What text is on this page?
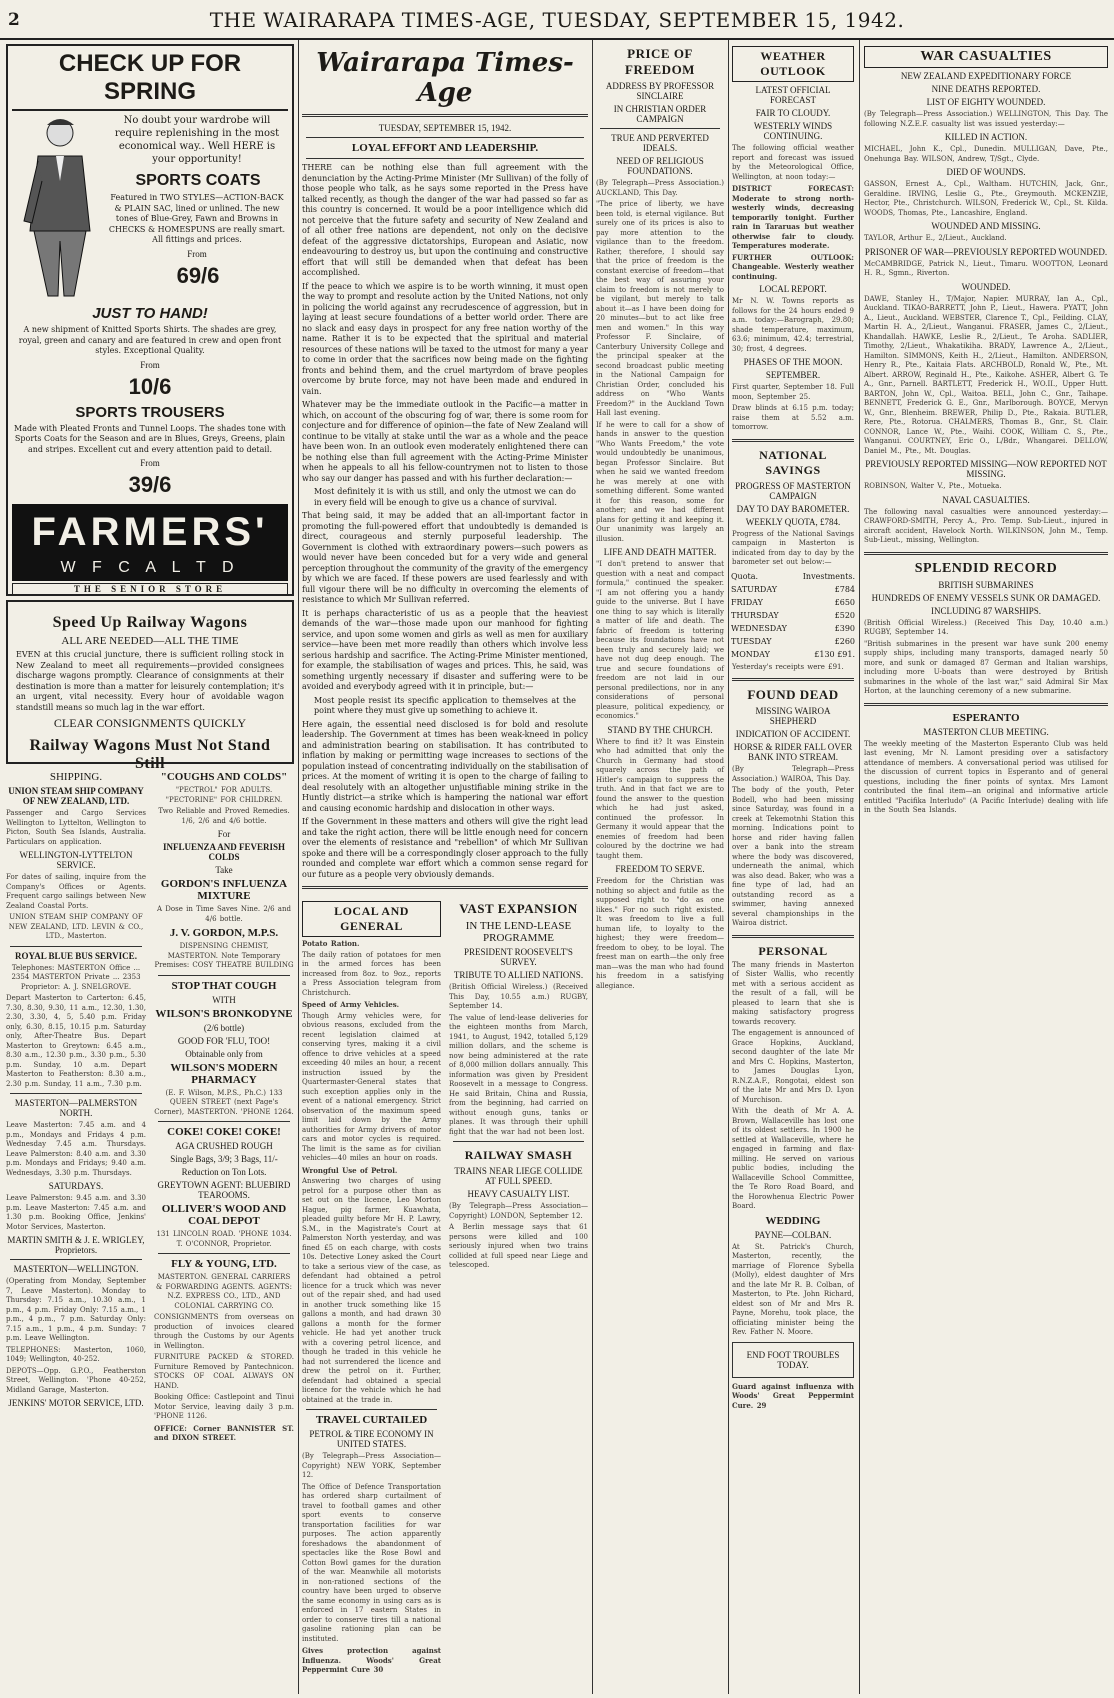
2	THE WAIRARAPA TIMES-AGE, TUESDAY, SEPTEMBER 15, 1942.
CHECK UP FOR SPRING
No doubt your wardrobe will require replenishing in the most economical way.. Well HERE is your opportunity!
SPORTS COATS
Featured in TWO STYLES—ACTION-BACK & PLAIN SAC, lined or unlined. The new tones of Blue-Grey, Fawn and Browns in CHECKS & HOMESPUNS are really smart. All fittings and prices.
From
69/6
JUST TO HAND!
A new shipment of Knitted Sports Shirts. The shades are grey, royal, green and canary and are featured in crew and open front styles. Exceptional Quality.
From
10/6
SPORTS TROUSERS
Made with Pleated Fronts and Tunnel Loops. The shades tone with Sports Coats for the Season and are in Blues, Greys, Greens, plain and stripes. Excellent cut and every attention paid to detail.
From
39/6
FARMERS'
W F C A L T D
THE SENIOR STORE
Speed Up Railway Wagons
ALL ARE NEEDED—ALL THE TIME
EVEN at this crucial juncture, there is sufficient rolling stock in New Zealand to meet all requirements—provided consignees discharge wagons promptly. Clearance of consignments at their destination is more than a matter for leisurely contemplation; it's an urgent, vital necessity. Every hour of avoidable wagon standstill means so much lag in the war effort.
CLEAR CONSIGNMENTS QUICKLY
Railway Wagons Must Not Stand Still
SHIPPING.
UNION STEAM SHIP COMPANY OF NEW ZEALAND, LTD.
Passenger and Cargo Services Wellington to Lyttelton, Wellington to Picton, South Sea Islands, Australia. Particulars on application.
WELLINGTON-LYTTELTON SERVICE.
For dates of sailing, inquire from the Company's Offices or Agents. Frequent cargo sailings between New Zealand Coastal Ports.
UNION STEAM SHIP COMPANY OF NEW ZEALAND, LTD. LEVIN & CO., LTD., Masterton.
ROYAL BLUE BUS SERVICE.
Telephones: MASTERTON Office ... 2354 MASTERTON Private ... 2353 Proprietor: A. J. SNELGROVE.
Depart Masterton to Carterton: 6.45, 7.30, 8.30, 9.30, 11 a.m., 12.30, 1.30, 2.30, 3.30, 4, 5, 5.40 p.m. Friday only, 6.30, 8.15, 10.15 p.m. Saturday only, After-Theatre Bus. Depart Masterton to Greytown: 6.45 a.m., 8.30 a.m., 12.30 p.m., 3.30 p.m., 5.30 p.m. Sunday, 10 a.m. Depart Masterton to Featherston: 8.30 a.m., 2.30 p.m. Sunday, 11 a.m., 7.30 p.m.
MASTERTON—PALMERSTON NORTH.
Leave Masterton: 7.45 a.m. and 4 p.m., Mondays and Fridays 4 p.m. Wednesday 7.45 a.m. Thursdays. Leave Palmerston: 8.40 a.m. and 3.30 p.m. Mondays and Fridays; 9.40 a.m. Wednesdays, 3.30 p.m. Thursdays.
SATURDAYS.
Leave Palmerston: 9.45 a.m. and 3.30 p.m. Leave Masterton: 7.45 a.m. and 1.30 p.m. Booking Office, Jenkins' Motor Services, Masterton.
MARTIN SMITH & J. E. WRIGLEY, Proprietors.
MASTERTON—WELLINGTON.
(Operating from Monday, September 7, Leave Masterton). Monday to Thursday: 7.15 a.m., 10.30 a.m., 1 p.m., 4 p.m. Friday Only: 7.15 a.m., 1 p.m., 4 p.m., 7 p.m. Saturday Only: 7.15 a.m., 1 p.m., 4 p.m. Sunday: 7 p.m. Leave Wellington.
TELEPHONES: Masterton, 1060, 1049; Wellington, 40-252.
DEPOTS—Opp. G.P.O., Featherston Street, Wellington. 'Phone 40-252, Midland Garage, Masterton.
JENKINS' MOTOR SERVICE, LTD.
"COUGHS AND COLDS"
"PECTROL" FOR ADULTS. "PECTORINE" FOR CHILDREN.
Two Reliable and Proved Remedies. 1/6, 2/6 and 4/6 bottle.
For
INFLUENZA AND FEVERISH COLDS
Take
GORDON'S INFLUENZA MIXTURE
A Dose in Time Saves Nine. 2/6 and 4/6 bottle.
J. V. GORDON, M.P.S.
DISPENSING CHEMIST, MASTERTON. Note Temporary Premises: COSY THEATRE BUILDING
STOP THAT COUGH
WITH
WILSON'S BRONKODYNE
(2/6 bottle)
GOOD FOR 'FLU, TOO!
Obtainable only from
WILSON'S MODERN PHARMACY
(E. F. Wilson, M.P.S., Ph.C.) 133 QUEEN STREET (next Page's Corner), MASTERTON. 'PHONE 1264.
COKE! COKE! COKE!
AGA CRUSHED ROUGH
Single Bags, 3/9; 3 Bags, 11/-
Reduction on Ton Lots.
GREYTOWN AGENT: BLUEBIRD TEAROOMS.
OLLIVER'S WOOD AND COAL DEPOT
131 LINCOLN ROAD. 'PHONE 1034. T. O'CONNOR, Proprietor.
FLY & YOUNG, LTD.
MASTERTON. GENERAL CARRIERS & FORWARDING AGENTS. AGENTS: N.Z. EXPRESS CO., LTD., AND COLONIAL CARRYING CO.
CONSIGNMENTS from overseas on production of invoices cleared through the Customs by our Agents in Wellington.
FURNITURE PACKED & STORED. Furniture Removed by Pantechnicon. STOCKS OF COAL ALWAYS ON HAND.
Booking Office: Castlepoint and Tinui Motor Service, leaving daily 3 p.m. 'PHONE 1126.
OFFICE: Corner BANNISTER ST. and DIXON STREET.
Wairarapa Times-Age
TUESDAY, SEPTEMBER 15, 1942.
LOYAL EFFORT AND LEADERSHIP.
THERE can be nothing else than full agreement with the denunciation by the Acting-Prime Minister (Mr Sullivan) of the folly of those people who talk, as he says some reported in the Press have talked recently, as though the danger of the war had passed so far as this country is concerned. It would be a poor intelligence which did not perceive that the future safety and security of New Zealand and of all other free nations are dependent, not only on the decisive defeat of the aggressive dictatorships, European and Asiatic, now endeavouring to destroy us, but upon the continuing and constructive effort that will still be demanded when that defeat has been accomplished.
If the peace to which we aspire is to be worth winning, it must open the way to prompt and resolute action by the United Nations, not only in policing the world against any recrudescence of aggression, but in laying at least secure foundations of a better world order. There are no slack and easy days in prospect for any free nation worthy of the name. Rather it is to be expected that the spiritual and material resources of these nations will be taxed to the utmost for many a year to come in order that the sacrifices now being made on the fighting fronts and behind them, and the cruel martyrdom of brave peoples overcome by brute force, may not have been made and endured in vain.
Whatever may be the immediate outlook in the Pacific—a matter in which, on account of the obscuring fog of war, there is some room for conjecture and for difference of opinion—the fate of New Zealand will continue to be vitally at stake until the war as a whole and the peace have been won. In an outlook even moderately enlightened there can be nothing else than full agreement with the Acting-Prime Minister when he appeals to all his fellow-countrymen not to listen to those who say our danger has passed and with his further declaration:—
Most definitely it is with us still, and only the utmost we can do in every field will be enough to give us a chance of survival.
That being said, it may be added that an all-important factor in promoting the full-powered effort that undoubtedly is demanded is direct, courageous and sternly purposeful leadership. The Government is clothed with extraordinary powers—such powers as would never have been conceded but for a very wide and general perception throughout the community of the gravity of the emergency by which we are faced. If these powers are used fearlessly and with full vigour there will be no difficulty in overcoming the elements of resistance to which Mr Sullivan referred.
It is perhaps characteristic of us as a people that the heaviest demands of the war—those made upon our manhood for fighting service, and upon some women and girls as well as men for auxiliary service—have been met more readily than others which involve less serious hardship and sacrifice. The Acting-Prime Minister mentioned, for example, the stabilisation of wages and prices. This, he said, was something urgently necessary if disaster and suffering were to be avoided and everybody agreed with it in principle, but:—
Most people resist its specific application to themselves at the point where they must give up something to achieve it.
Here again, the essential need disclosed is for bold and resolute leadership. The Government at times has been weak-kneed in policy and administration bearing on stabilisation. It has contributed to inflation by making or permitting wage increases to sections of the population instead of concentrating individually on the stabilisation of prices. At the moment of writing it is open to the charge of failing to deal resolutely with an altogether unjustifiable mining strike in the Huntly district—a strike which is hampering the national war effort and causing economic hardship and dislocation in other ways.
If the Government in these matters and others will give the right lead and take the right action, there will be little enough need for concern over the elements of resistance and "rebellion" of which Mr Sullivan spoke and there will be a correspondingly closer approach to the fully rounded and complete war effort which a common sense regard for our future as a people very obviously demands.
LOCAL AND GENERAL
Potato Ration.
The daily ration of potatoes for men in the armed forces has been increased from 8oz. to 9oz., reports a Press Association telegram from Christchurch.
Speed of Army Vehicles.
Though Army vehicles were, for obvious reasons, excluded from the recent legislation claimed at conserving tyres, making it a civil offence to drive vehicles at a speed exceeding 40 miles an hour, a recent instruction issued by the Quartermaster-General states that such exception applies only in the event of a national emergency. Strict observation of the maximum speed limit laid down by the Army authorities for Army drivers of motor cars and motor cycles is required. The limit is the same as for civilian vehicles—40 miles an hour on roads.
Wrongful Use of Petrol.
Answering two charges of using petrol for a purpose other than as set out on the licence, Leo Morton Hague, pig farmer, Kuawhata, pleaded guilty before Mr H. P. Lawry, S.M., in the Magistrate's Court at Palmerston North yesterday, and was fined £5 on each charge, with costs 10s. Detective Loney asked the Court to take a serious view of the case, as defendant had obtained a petrol licence for a truck which was never out of the repair shed, and had used in another truck something like 15 gallons a month, and had drawn 30 gallons a month for the former vehicle. He had yet another truck with a covering petrol licence, and though he traded in this vehicle he had not surrendered the licence and drew the petrol on it. Further, defendant had obtained a special licence for the vehicle which he had obtained at the trade in.
TRAVEL CURTAILED
PETROL & TIRE ECONOMY IN UNITED STATES.
(By Telegraph—Press Association—Copyright) NEW YORK, September 12.
The Office of Defence Transportation has ordered sharp curtailment of travel to football games and other sport events to conserve transportation facilities for war purposes. The action apparently foreshadows the abandonment of spectacles like the Rose Bowl and Cotton Bowl games for the duration of the war. Meanwhile all motorists in non-rationed sections of the country have been urged to observe the same economy in using cars as is enforced in 17 eastern States in order to conserve tires till a national gasoline rationing plan can be instituted.
Gives protection against Influenza. Woods' Great Peppermint Cure 30
VAST EXPANSION
IN THE LEND-LEASE PROGRAMME
PRESIDENT ROOSEVELT'S SURVEY.
TRIBUTE TO ALLIED NATIONS.
(British Official Wireless.) (Received This Day, 10.55 a.m.) RUGBY, September 14.
The value of lend-lease deliveries for the eighteen months from March, 1941, to August, 1942, totalled 5,129 million dollars, and the scheme is now being administered at the rate of 8,000 million dollars annually. This information was given by President Roosevelt in a message to Congress. He said Britain, China and Russia, from the beginning, had carried on without enough guns, tanks or planes. It was through their uphill fight that the war had not been lost.
RAILWAY SMASH
TRAINS NEAR LIEGE COLLIDE AT FULL SPEED.
HEAVY CASUALTY LIST.
(By Telegraph—Press Association—Copyright) LONDON, September 12.
A Berlin message says that 61 persons were killed and 100 seriously injured when two trains collided at full speed near Liege and telescoped.
PRICE OF FREEDOM
ADDRESS BY PROFESSOR SINCLAIRE
IN CHRISTIAN ORDER CAMPAIGN
TRUE AND PERVERTED IDEALS.
NEED OF RELIGIOUS FOUNDATIONS.
(By Telegraph—Press Association.) AUCKLAND, This Day.
"The price of liberty, we have been told, is eternal vigilance. But surely one of its prices is also to pay more attention to the vigilance than to the freedom. Rather, therefore, I should say that the price of freedom is the constant exercise of freedom—that the best way of assuring your claim to freedom is not merely to be vigilant, but merely to talk about it—as I have been doing for 20 minutes—but to act like free men and women." In this way Professor F. Sinclaire, of Canterbury University College and the principal speaker at the second broadcast public meeting in the National Campaign for Christian Order, concluded his address on "Who Wants Freedom?" in the Auckland Town Hall last evening.
If he were to call for a show of hands in answer to the question "Who Wants Freedom," the vote would undoubtedly be unanimous, began Professor Sinclaire. But when he said we wanted freedom he was merely at one with something different. Some wanted it for this reason, some for another; and we had different plans for getting it and keeping it. Our unanimity was largely an illusion.
LIFE AND DEATH MATTER.
"I don't pretend to answer that question with a neat and compact formula," continued the speaker. "I am not offering you a handy guide to the universe. But I have one thing to say which is literally a matter of life and death. The fabric of freedom is tottering because its foundations have not been truly and securely laid; we have not dug deep enough. The true and secure foundations of freedom are not laid in our personal predilections, nor in any considerations of personal pleasure, political expediency, or economics."
STAND BY THE CHURCH.
Where to find it? It was Einstein who had admitted that only the Church in Germany had stood squarely across the path of Hitler's campaign to suppress the truth. And in that fact we are to found the answer to the question which he had just asked, continued the professor. In Germany it would appear that the enemies of freedom had been coloured by the doctrine we had taught them.
FREEDOM TO SERVE.
Freedom for the Christian was nothing so abject and futile as the supposed right to "do as one likes." For no such right existed. It was freedom to live a full human life, to loyalty to the highest; they were freedom—freedom to obey, to be loyal. The freest man on earth—the only free man—was the man who had found his freedom in a satisfying allegiance.
WEATHER OUTLOOK
LATEST OFFICIAL FORECAST
FAIR TO CLOUDY.
WESTERLY WINDS CONTINUING.
The following official weather report and forecast was issued by the Meteorological Office, Wellington, at noon today:—
DISTRICT FORECAST: Moderate to strong north-westerly winds, decreasing temporarily tonight. Further rain in Tararuas but weather otherwise fair to cloudy. Temperatures moderate.
FURTHER OUTLOOK: Changeable. Westerly weather continuing.
LOCAL REPORT.
Mr N. W. Towns reports as follows for the 24 hours ended 9 a.m. today:—Barograph, 29.80; shade temperature, maximum, 63.6; minimum, 42.4; terrestrial, 30; frost, 4 degrees.
PHASES OF THE MOON.
SEPTEMBER.
First quarter, September 18. Full moon, September 25.
Draw blinds at 6.15 p.m. today; raise them at 5.52 a.m. tomorrow.
NATIONAL SAVINGS
PROGRESS OF MASTERTON CAMPAIGN
DAY TO DAY BAROMETER.
WEEKLY QUOTA, £784.
Progress of the National Savings campaign in Masterton is indicated from day to day by the barometer set out below:—
Quota.	Investments.
SATURDAY	£784
FRIDAY	£650
THURSDAY	£520
WEDNESDAY	£390
TUESDAY	£260
MONDAY	£130 £91.
Yesterday's receipts were £91.
FOUND DEAD
MISSING WAIROA SHEPHERD
INDICATION OF ACCIDENT.
HORSE & RIDER FALL OVER BANK INTO STREAM.
(By Telegraph—Press Association.) WAIROA, This Day.
The body of the youth, Peter Bodell, who had been missing since Saturday, was found in a creek at Tekemotnhi Station this morning. Indications point to horse and rider having fallen over a bank into the stream where the body was discovered, underneath the animal, which was also dead. Baker, who was a fine type of lad, had an outstanding record as a swimmer, having annexed several championships in the Wairoa district.
PERSONAL
The many friends in Masterton of Sister Wallis, who recently met with a serious accident as the result of a fall, will be pleased to learn that she is making satisfactory progress towards recovery.
The engagement is announced of Grace Hopkins, Auckland, second daughter of the late Mr and Mrs C. Hopkins, Masterton, to James Douglas Lyon, R.N.Z.A.F., Rongotai, eldest son of the late Mr and Mrs D. Lyon of Murchison.
With the death of Mr A. A. Brown, Wallaceville has lost one of its oldest settlers. In 1900 he settled at Wallaceville, where he engaged in farming and flax-milling. He served on various public bodies, including the Wallaceville School Committee, the Te Roro Road Board, and the Horowhenua Electric Power Board.
WEDDING
PAYNE—COLBAN.
At St. Patrick's Church, Masterton, recently, the marriage of Florence Sybella (Molly), eldest daughter of Mrs and the late Mr R. B. Colban, of Masterton, to Pte. John Richard, eldest son of Mr and Mrs R. Payne, Morehu, took place, the officiating minister being the Rev. Father N. Moore.
END FOOT TROUBLES TODAY.
Guard against influenza with Woods' Great Peppermint Cure. 29
WAR CASUALTIES
NEW ZEALAND EXPEDITIONARY FORCE
NINE DEATHS REPORTED.
LIST OF EIGHTY WOUNDED.
(By Telegraph—Press Association.) WELLINGTON, This Day. The following N.Z.E.F. casualty list was issued yesterday:—
KILLED IN ACTION.
MICHAEL, John K., Cpl., Dunedin. MULLIGAN, Dave, Pte., Onehunga Bay. WILSON, Andrew, T/Sgt., Clyde.
DIED OF WOUNDS.
GASSON, Ernest A., Cpl., Waltham. HUTCHIN, Jack, Gnr., Geraldine. IRVING, Leslie G., Pte., Greymouth. MCKENZIE, Hector, Pte., Christchurch. WILSON, Frederick W., Cpl., St. Kilda. WOODS, Thomas, Pte., Lancashire, England.
WOUNDED AND MISSING.
TAYLOR, Arthur E., 2/Lieut., Auckland.
PRISONER OF WAR—PREVIOUSLY REPORTED WOUNDED.
McCAMBRIDGE, Patrick N., Lieut., Timaru. WOOTTON, Leonard H. R., Sgmn., Riverton.
WOUNDED.
DAWE, Stanley H., T/Major, Napier. MURRAY, Ian A., Cpl., Auckland. TIKAO-BARRETT, John P., Lieut., Hawera. PYATT, John A., Lieut., Auckland. WEBSTER, Clarence T., Cpl., Feilding. CLAY, Martin H. A., 2/Lieut., Wanganui. FRASER, James C., 2/Lieut., Khandallah. HAWKE, Leslie R., 2/Lieut., Te Aroha. SADLIER, Timothy, 2/Lieut., Whakatikiha. BRADY, Lawrence A., 2/Lieut., Hamilton. SIMMONS, Keith H., 2/Lieut., Hamilton. ANDERSON, Henry R., Pte., Kaitaia Flats. ARCHBOLD, Ronald W., Pte., Mt. Albert. ARROW, Reginald H., Pte., Kaikohe. ASHER, Albert G. Te A., Gnr., Parnell. BARTLETT, Frederick H., WO.II., Upper Hutt. BARTON, John W., Cpl., Waitoa. BELL, John C., Gnr., Taihape. BENNETT, Frederick G. E., Gnr., Marlborough. BOYCE, Mervyn W., Gnr., Blenheim. BREWER, Philip D., Pte., Rakaia. BUTLER, Rere, Pte., Rotorua. CHALMERS, Thomas B., Gnr., St. Clair. CONNOR, Lance W., Pte., Waihi. COOK, William C. S., Pte., Wanganui. COURTNEY, Eric O., L/Bdr., Whangarei. DELLOW, Daniel M., Pte., Mt. Douglas.
PREVIOUSLY REPORTED MISSING—NOW REPORTED NOT MISSING.
ROBINSON, Walter V., Pte., Motueka.
NAVAL CASUALTIES.
The following naval casualties were announced yesterday:— CRAWFORD-SMITH, Percy A., Pro. Temp. Sub-Lieut., injured in aircraft accident, Havelock North. WILKINSON, John M., Temp. Sub-Lieut., missing, Wellington.
SPLENDID RECORD
BRITISH SUBMARINES
HUNDREDS OF ENEMY VESSELS SUNK OR DAMAGED.
INCLUDING 87 WARSHIPS.
(British Official Wireless.) (Received This Day, 10.40 a.m.) RUGBY, September 14.
"British submarines in the present war have sunk 200 enemy supply ships, including many transports, damaged nearly 50 more, and sunk or damaged 87 German and Italian warships, including more U-boats than were destroyed by British submarines in the whole of the last war," said Admiral Sir Max Horton, at the launching ceremony of a new submarine.
ESPERANTO
MASTERTON CLUB MEETING.
The weekly meeting of the Masterton Esperanto Club was held last evening, Mr N. Lamont presiding over a satisfactory attendance of members. A conversational period was utilised for the discussion of current topics in Esperanto and of general questions, including the finer points of syntax. Mrs Lamont contributed the final item—an original and informative article entitled "Pacifika Interludo" (A Pacific Interlude) dealing with life in the South Sea Islands.
